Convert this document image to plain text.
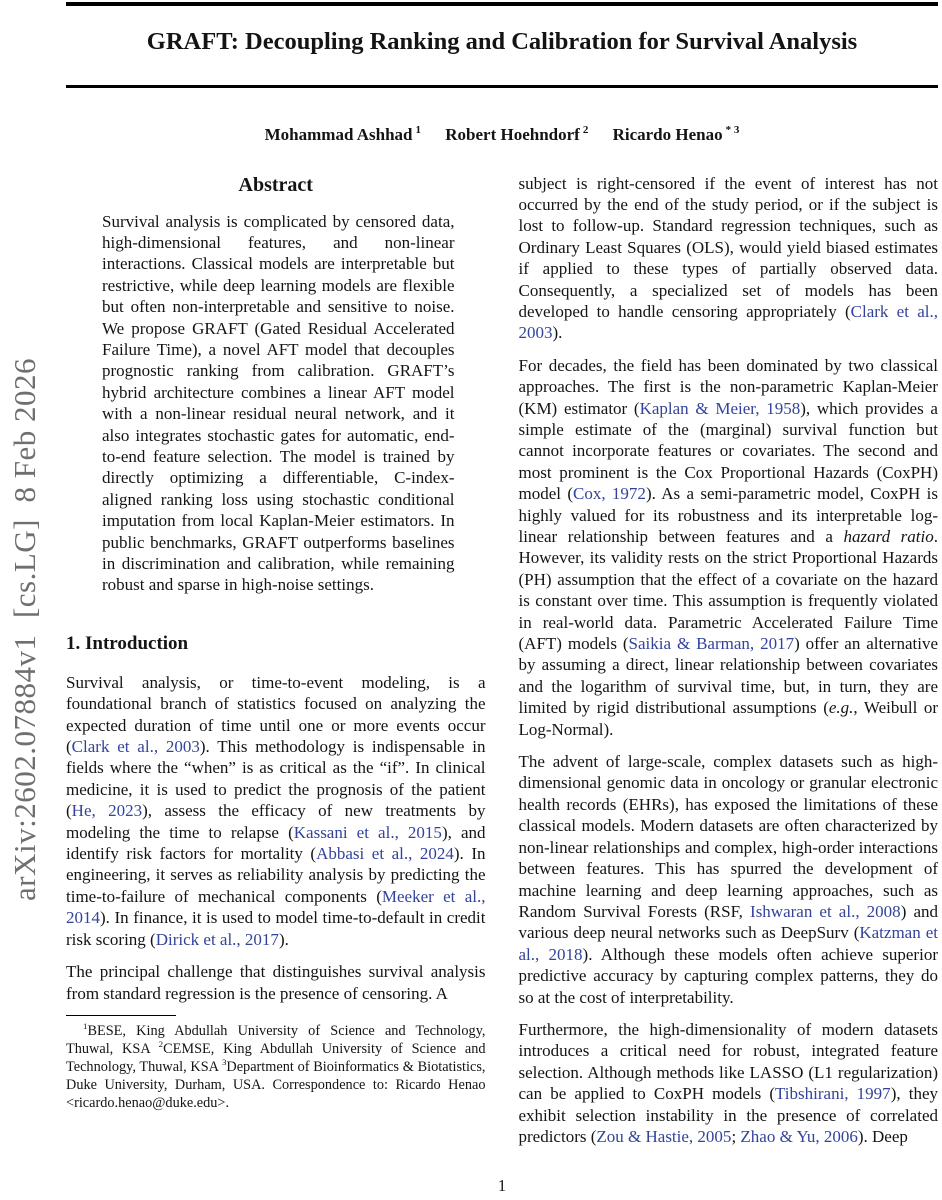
arXiv:2602.07884v1  [cs.LG]  8 Feb 2026
GRAFT: Decoupling Ranking and Calibration for Survival Analysis
Mohammad Ashhad $^1$ Robert Hoehndorf $^2$ Ricardo Henao $^{* 3}$
Abstract

Survival analysis is complicated by censored data, high-dimensional features, and non-linear interactions. Classical models are interpretable but restrictive, while deep learning models are flexible but often non-interpretable and sensitive to noise. We propose GRAFT (Gated Residual Accelerated Failure Time), a novel AFT model that decouples prognostic ranking from calibration. GRAFT’s hybrid architecture combines a linear AFT model with a non-linear residual neural network, and it also integrates stochastic gates for automatic, end-to-end feature selection. The model is trained by directly optimizing a differentiable, C-index-aligned ranking loss using stochastic conditional imputation from local Kaplan-Meier estimators. In public benchmarks, GRAFT outperforms baselines in discrimination and calibration, while remaining robust and sparse in high-noise settings.

1. Introduction

Survival analysis, or time-to-event modeling, is a foundational branch of statistics focused on analyzing the expected duration of time until one or more events occur (Clark et al., 2003). This methodology is indispensable in fields where the “when” is as critical as the “if”. In clinical medicine, it is used to predict the prognosis of the patient (He, 2023), assess the efficacy of new treatments by modeling the time to relapse (Kassani et al., 2015), and identify risk factors for mortality (Abbasi et al., 2024). In engineering, it serves as reliability analysis by predicting the time-to-failure of mechanical components (Meeker et al., 2014). In finance, it is used to model time-to-default in credit risk scoring (Dirick et al., 2017).

The principal challenge that distinguishes survival analysis from standard regression is the presence of censoring. A

$^1$BESE, King Abdullah University of Science and Technology, Thuwal, KSA $^2$CEMSE, King Abdullah University of Science and Technology, Thuwal, KSA $^3$Department of Bioinformatics & Biotatistics, Duke University, Durham, USA. Correspondence to: Ricardo Henao <ricardo.henao@duke.edu>.

subject is right-censored if the event of interest has not occurred by the end of the study period, or if the subject is lost to follow-up. Standard regression techniques, such as Ordinary Least Squares (OLS), would yield biased estimates if applied to these types of partially observed data. Consequently, a specialized set of models has been developed to handle censoring appropriately (Clark et al., 2003).

For decades, the field has been dominated by two classical approaches. The first is the non-parametric Kaplan-Meier (KM) estimator (Kaplan & Meier, 1958), which provides a simple estimate of the (marginal) survival function but cannot incorporate features or covariates. The second and most prominent is the Cox Proportional Hazards (CoxPH) model (Cox, 1972). As a semi-parametric model, CoxPH is highly valued for its robustness and its interpretable log-linear relationship between features and a hazard ratio. However, its validity rests on the strict Proportional Hazards (PH) assumption that the effect of a covariate on the hazard is constant over time. This assumption is frequently violated in real-world data. Parametric Accelerated Failure Time (AFT) models (Saikia & Barman, 2017) offer an alternative by assuming a direct, linear relationship between covariates and the logarithm of survival time, but, in turn, they are limited by rigid distributional assumptions (e.g., Weibull or Log-Normal).

The advent of large-scale, complex datasets such as high-dimensional genomic data in oncology or granular electronic health records (EHRs), has exposed the limitations of these classical models. Modern datasets are often characterized by non-linear relationships and complex, high-order interactions between features. This has spurred the development of machine learning and deep learning approaches, such as Random Survival Forests (RSF, Ishwaran et al., 2008) and various deep neural networks such as DeepSurv (Katzman et al., 2018). Although these models often achieve superior predictive accuracy by capturing complex patterns, they do so at the cost of interpretability.

Furthermore, the high-dimensionality of modern datasets introduces a critical need for robust, integrated feature selection. Although methods like LASSO (L1 regularization) can be applied to CoxPH models (Tibshirani, 1997), they exhibit selection instability in the presence of correlated predictors (Zou & Hastie, 2005; Zhao & Yu, 2006). Deep

1
